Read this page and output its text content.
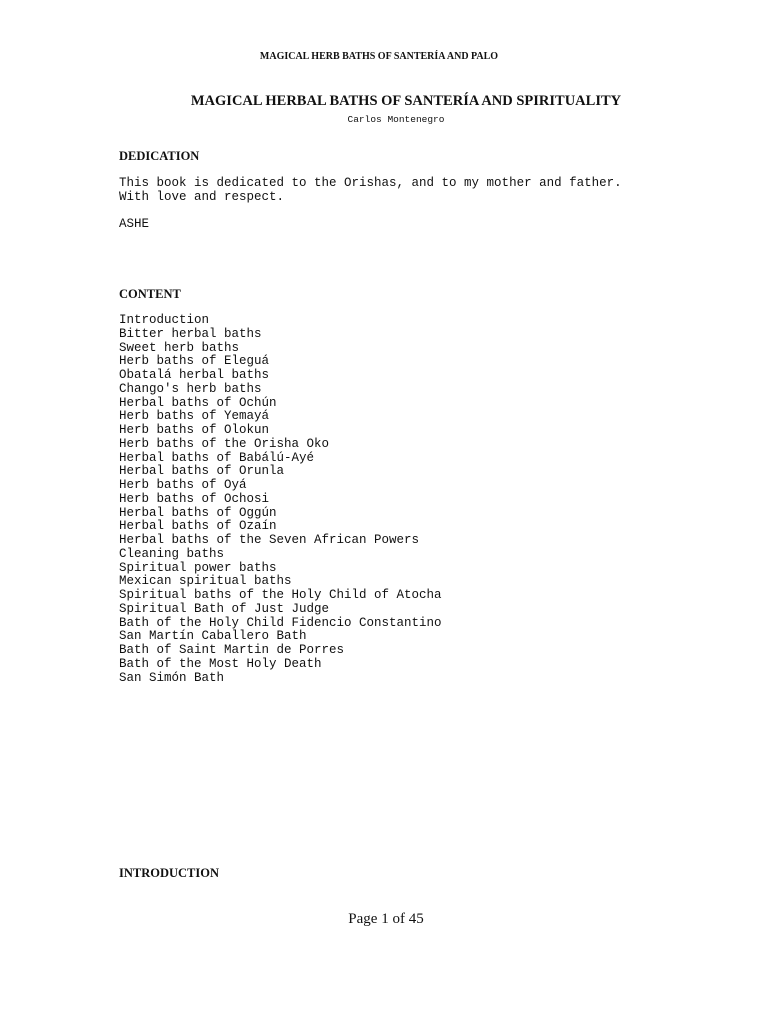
MAGICAL HERB BATHS OF SANTERÍA AND PALO
MAGICAL HERBAL BATHS OF SANTERÍA AND SPIRITUALITY
Carlos Montenegro
DEDICATION
This book is dedicated to the Orishas, and to my mother and father.
With love and respect.
ASHE
CONTENT
Introduction
Bitter herbal baths
Sweet herb baths
Herb baths of Eleguá
Obatalá herbal baths
Chango's herb baths
Herbal baths of Ochún
Herb baths of Yemayá
Herb baths of Olokun
Herb baths of the Orisha Oko
Herbal baths of Babálú-Ayé
Herbal baths of Orunla
Herb baths of Oyá
Herb baths of Ochosi
Herbal baths of Oggún
Herbal baths of Ozaín
Herbal baths of the Seven African Powers
Cleaning baths
Spiritual power baths
Mexican spiritual baths
Spiritual baths of the Holy Child of Atocha
Spiritual Bath of Just Judge
Bath of the Holy Child Fidencio Constantino
San Martín Caballero Bath
Bath of Saint Martin de Porres
Bath of the Most Holy Death
San Simón Bath
INTRODUCTION
Page 1 of 45
